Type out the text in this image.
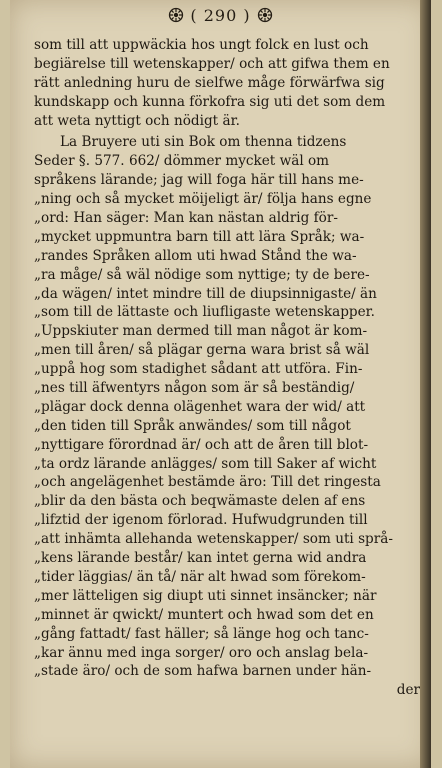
( 290 )
som till att uppwäckia hos ungt folck en lust och
begiärelse till wetenskapper/ och att gifwa them en
rätt anledning huru de sielfwe måge förwärfwa sig
kundskapp och kunna förkofra sig uti det som dem
att weta nyttigt och nödigt är.
La Bruyere uti sin Bok om thenna tidzens
Seder §. 577. 662/ dömmer mycket wäl om
språkens lärande; jag will foga här till hans me-
„ning och så mycket möijeligt är/ följa hans egne
„ord: Han säger: Man kan nästan aldrig för-
„mycket uppmuntra barn till att lära Språk; wa-
„randes Språken allom uti hwad Stånd the wa-
„ra måge/ så wäl nödige som nyttige; ty de bere-
„da wägen/ intet mindre till de diupsinnigaste/ än
„som till de lättaste och liufligaste wetenskapper.
„Uppskiuter man dermed till man något är kom-
„men till åren/ så plägar gerna wara brist så wäl
„uppå hog som stadighet sådant att utföra. Fin-
„nes till äfwentyrs någon som är så beständig/
„plägar dock denna olägenhet wara der wid/ att
„den tiden till Språk anwändes/ som till något
„nyttigare förordnad är/ och att de åren till blot-
„ta ordz lärande anlägges/ som till Saker af wicht
„och angelägenhet bestämde äro: Till det ringesta
„blir da den bästa och beqwämaste delen af ens
„lifztid der igenom förlorad. Hufwudgrunden till
„att inhämta allehanda wetenskapper/ som uti språ-
„kens lärande består/ kan intet gerna wid andra
„tider läggias/ än tå/ när alt hwad som förekom-
„mer lätteligen sig diupt uti sinnet insäncker; när
„minnet är qwickt/ muntert och hwad som det en
„gång fattadt/ fast häller; så länge hog och tanc-
„kar ännu med inga sorger/ oro och anslag bela-
„stade äro/ och de som hafwa barnen under hän-
der
